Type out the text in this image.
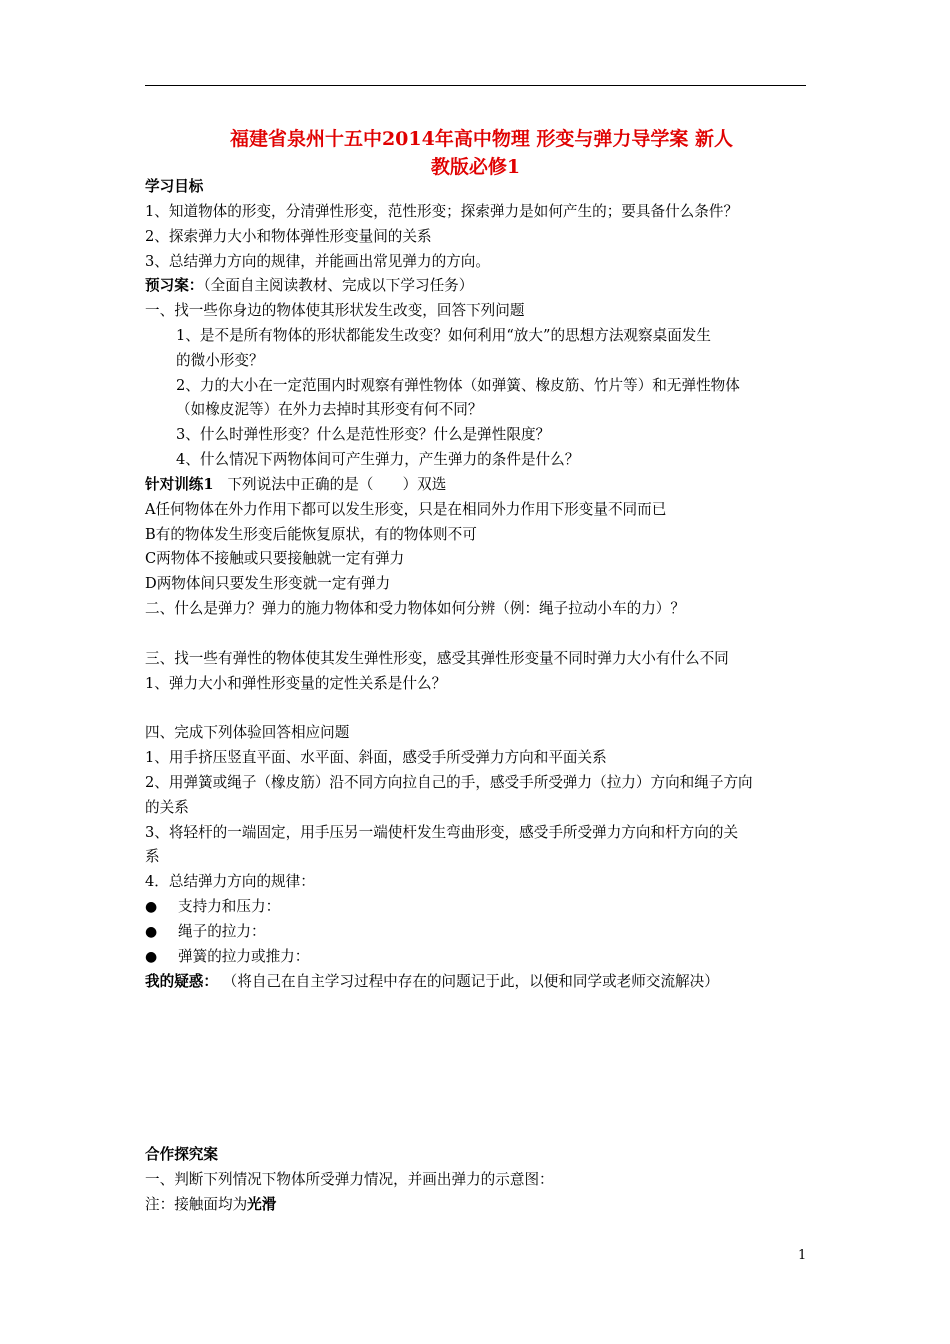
福建省泉州十五中2014年高中物理 形变与弹力导学案 新人
教版必修1
学习目标
1、知道物体的形变，分清弹性形变，范性形变；探索弹力是如何产生的；要具备什么条件？
2、探索弹力大小和物体弹性形变量间的关系
3、总结弹力方向的规律，并能画出常见弹力的方向。
预习案：（全面自主阅读教材、完成以下学习任务）
一、找一些你身边的物体使其形状发生改变，回答下列问题
1、是不是所有物体的形状都能发生改变？如何利用“放大”的思想方法观察桌面发生
的微小形变？
2、力的大小在一定范围内时观察有弹性物体（如弹簧、橡皮筋、竹片等）和无弹性物体
（如橡皮泥等）在外力去掉时其形变有何不同？
3、什么时弹性形变？什么是范性形变？什么是弹性限度？
4、什么情况下两物体间可产生弹力，产生弹力的条件是什么？
针对训练1 下列说法中正确的是（　　）双选
A任何物体在外力作用下都可以发生形变，只是在相同外力作用下形变量不同而已
B有的物体发生形变后能恢复原状，有的物体则不可
C两物体不接触或只要接触就一定有弹力
D两物体间只要发生形变就一定有弹力
二、什么是弹力？弹力的施力物体和受力物体如何分辨（例：绳子拉动小车的力）？
三、找一些有弹性的物体使其发生弹性形变，感受其弹性形变量不同时弹力大小有什么不同
1、弹力大小和弹性形变量的定性关系是什么？
四、完成下列体验回答相应问题
1、用手挤压竖直平面、水平面、斜面，感受手所受弹力方向和平面关系
2、用弹簧或绳子（橡皮筋）沿不同方向拉自己的手，感受手所受弹力（拉力）方向和绳子方向
的关系
3、将轻杆的一端固定，用手压另一端使杆发生弯曲形变，感受手所受弹力方向和杆方向的关
系
4．总结弹力方向的规律：
● 支持力和压力：
● 绳子的拉力：
● 弹簧的拉力或推力：
我的疑惑： （将自己在自主学习过程中存在的问题记于此，以便和同学或老师交流解决）
合作探究案
一、判断下列情况下物体所受弹力情况，并画出弹力的示意图：
注：接触面均为光滑
1
